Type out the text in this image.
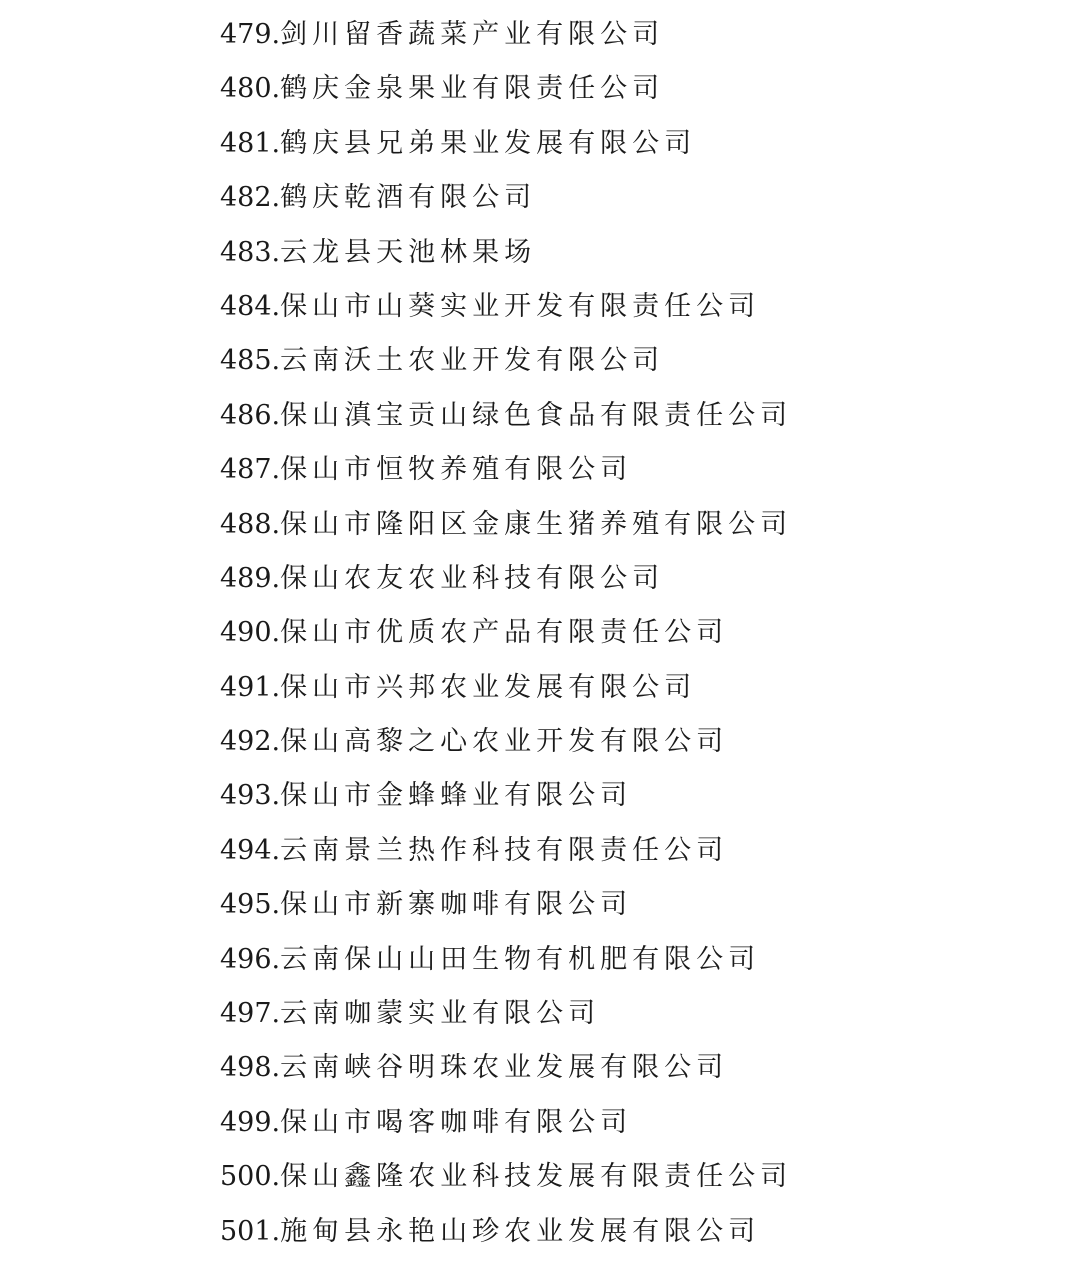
479.剑川留香蔬菜产业有限公司
480.鹤庆金泉果业有限责任公司
481.鹤庆县兄弟果业发展有限公司
482.鹤庆乾酒有限公司
483.云龙县天池林果场
484.保山市山葵实业开发有限责任公司
485.云南沃土农业开发有限公司
486.保山滇宝贡山绿色食品有限责任公司
487.保山市恒牧养殖有限公司
488.保山市隆阳区金康生猪养殖有限公司
489.保山农友农业科技有限公司
490.保山市优质农产品有限责任公司
491.保山市兴邦农业发展有限公司
492.保山高黎之心农业开发有限公司
493.保山市金蜂蜂业有限公司
494.云南景兰热作科技有限责任公司
495.保山市新寨咖啡有限公司
496.云南保山山田生物有机肥有限公司
497.云南咖蒙实业有限公司
498.云南峡谷明珠农业发展有限公司
499.保山市喝客咖啡有限公司
500.保山鑫隆农业科技发展有限责任公司
501.施甸县永艳山珍农业发展有限公司
